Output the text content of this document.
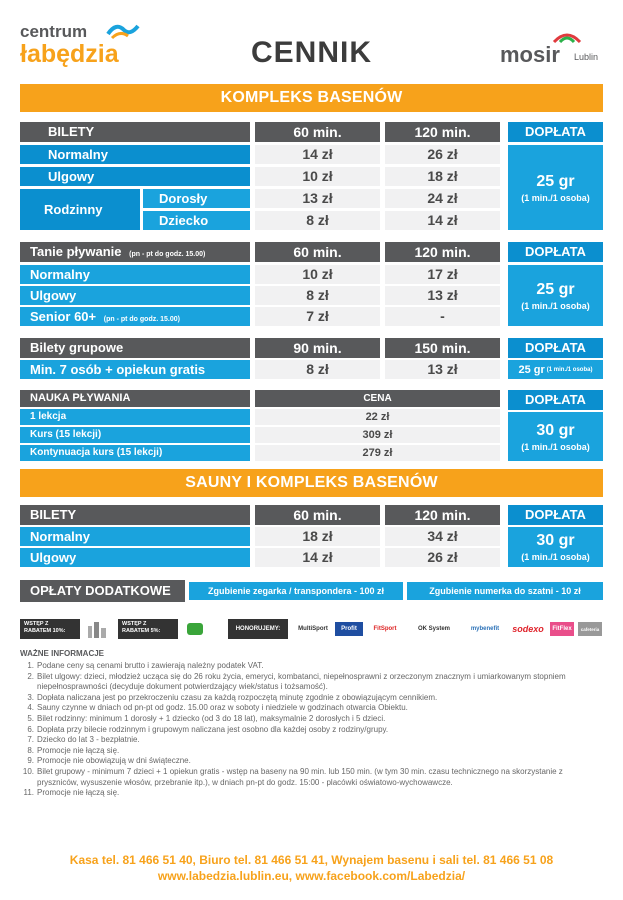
centrum
łabędzia	CENNIK	mosir Lublin
KOMPLEKS BASENÓW
BILETY	60 min.	120 min.	DOPŁATA
Normalny	14 zł	26 zł
Ulgowy	10 zł	18 zł
Rodzinny
Dorosły	13 zł	24 zł
Dziecko	8 zł	14 zł
25 gr
(1 min./1 osoba)
Tanie pływanie (pn - pt do godz. 15.00)	60 min.	120 min.	DOPŁATA
Normalny	10 zł	17 zł
Ulgowy	8 zł	13 zł
Senior 60+ (pn - pt do godz. 15.00)	7 zł	-
25 gr
(1 min./1 osoba)
Bilety grupowe	90 min.	150 min.	DOPŁATA
Min. 7 osób + opiekun gratis	8 zł	13 zł	25 gr (1 min./1 osoba)
NAUKA PŁYWANIA	CENA	DOPŁATA
1 lekcja	22 zł
Kurs (15 lekcji)	309 zł
Kontynuacja kurs (15 lekcji)	279 zł
30 gr
(1 min./1 osoba)
SAUNY I KOMPLEKS BASENÓW
BILETY	60 min.	120 min.	DOPŁATA
Normalny	18 zł	34 zł
Ulgowy	14 zł	26 zł
30 gr
(1 min./1 osoba)
OPŁATY DODATKOWE	Zgubienie zegarka / transpondera - 100 zł	Zgubienie numerka do szatni - 10 zł
WSTĘP Z RABATEM 10%:
WSTĘP Z RABATEM 5%:	HONORUJEMY:	MultiSport	Profit	FitSport	OK System	mybenefit	sodexo	FitFlex	cafeteria
WAŻNE INFORMACJE
1. Podane ceny są cenami brutto i zawierają należny podatek VAT.
2. Bilet ulgowy: dzieci, młodzież ucząca się do 26 roku życia, emeryci, kombatanci, niepełnosprawni z orzeczonym znacznym i umiarkowanym stopniem niepełnosprawności (decyduje dokument potwierdzający wiek/status i tożsamość).
3. Dopłata naliczana jest po przekroczeniu czasu za każdą rozpoczętą minutę zgodnie z obowiązującym cennikiem.
4. Sauny czynne w dniach od pn-pt od godz. 15.00 oraz w soboty i niedziele w godzinach otwarcia Obiektu.
5. Bilet rodzinny: minimum 1 dorosły + 1 dziecko (od 3 do 18 lat), maksymalnie 2 dorosłych i 5 dzieci.
6. Dopłata przy bilecie rodzinnym i grupowym naliczana jest osobno dla każdej osoby z rodziny/grupy.
7. Dziecko do lat 3 - bezpłatnie.
8. Promocje nie łączą się.
9. Promocje nie obowiązują w dni świąteczne.
10. Bilet grupowy - minimum 7 dzieci + 1 opiekun gratis - wstęp na baseny na 90 min. lub 150 min. (w tym 30 min. czasu technicznego na skorzystanie z pryszniców, wysuszenie włosów, przebranie itp.), w dniach pn-pt do godz. 15:00 - placówki oświatowo-wychowawcze.
11. Promocje nie łączą się.
Kasa tel. 81 466 51 40, Biuro tel. 81 466 51 41, Wynajem basenu i sali tel. 81 466 51 08
www.labedzia.lublin.eu, www.facebook.com/Labedzia/
